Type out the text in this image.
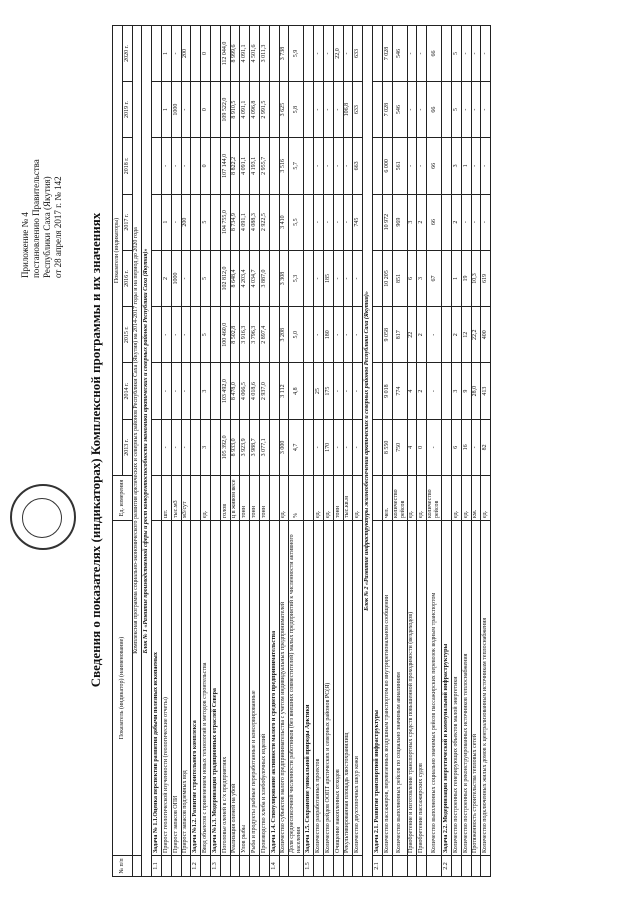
Приложение № 4 постановлению Правительства Республики Саха (Якутия) от 28 апреля 2017 г. № 142 Сведения о показателях (индикаторах) Комплексной программы и их значениях
№ п/п	Показатель (индикатор) (наименование)	Ед. измерения	Показатели (индикаторы)							
			2013 г.	2014 г.	2015 г.	2016 г.	2017 г.	2018 г.	2019 г.	2020 г.
	Комплексная программа социально-экономического развития арктических и северных районов Республики Саха (Якутия) на 2014-2017 годы и на период до 2020 года									
Блок № 1 «Развитие производственной сферы и рост конкурентоспособности экономики арктических и северных районов Республики Саха (Якутия)»										
1.1	Задача № 1.1.Оценка перспектив развития добычи полезных ископаемых									
	Прирост геологической изученности (геологические отчеты)	шт.	-	-	-	2	1	-	1	1
	Прирост запасов ОПИ	тыс.м3	-	-	-	1000	-	-	1000	-
	Прирост запасов подземных вод	м3/сут	-	-	-	-	200	-	-	200
1.2	Задача №1.2. Развитие строительного комплекса									
	Ввод объектов с применением новых технологий и методов строительства	ед.	3	3	5	5	5	0	0	0
1.3	Задача №1.3. Модернизация традиционных отраслей Севера									
	Поголовье оленей в с/х предприятиях	голов	105 392,0	103 492,0	100 460,0	102 812,0	104 755,0	107 144,0	109 522,0	112 044,0
	Реализация оленей на убой	ц в живом весе	8 933,0	8 478,0	8 502,8	8 648,4	8 734,9	8 822,2	8 910,5	8 999,6
	Улов рыбы	тонн	3 923,9	4 066,5	3 916,3	4 203,4	4 091,1	4 091,1	4 091,1	4 091,1
	Рыба и продукты рыбные переработанные и консервированные	тонн	3 988,7	4 018,6	3 796,3	4 034,7	4 088,3	4 193,1	4 096,8	4 501,6
	Производство хлеба и хлебобулочных изделий	тонн	3 077,1	2 937,0	2 897,4	3 887,0	2 922,5	2 955,7	2 991,5	3 011,3
1.4	Задача 1.4. Стимулирование активности малого и среднего предпринимательства									
	Количество субъектов малого предпринимательства с учетом индивидуальных предпринимателей	ед.	3 000	3 112	3 208	3 308	3 410	3 516	3 625	3 738
	Доля среднесписочной численности работников (без внешних совместителей) малых предприятий к численности активного населения	%	4,7	4,8	5,0	5,3	5,5	5,7	5,8	5,9
1.5	Задача 1.5. Сохранение уникальной природы Арктики									
	Количество разработанных проектов	ед.	-	25	-	-	-	-	-	-
	Количество рейдов ООПТ арктических и северных районов РС(Я)	ед.	170	175	180	185	-	-	-	-
	Очищение накопленных отходов	тонн	-	-	-	-	-	-	-	22,0
	Рекультивированная площадь хвостохранилищ	тыс.кв.м	-	-	-	-	-	-	106,8	-
	Количество двухтопочных шкур кожи	ед.	-	-	-	-	745	663	633	633
Блок № 2 «Развитие инфраструктуры жизнеобеспечения арктических и северных районов Республики Саха (Якутия)»										
2.1	Задача 2.1. Развитие транспортной инфраструктуры									
	Количество пассажиров, перевезенных воздушным транспортом во внутрирегиональном сообщении	чел.	8 550	9 018	9 058	10 205	10 972	6 000	7 028	7 028
	Количество выполненных рейсов по социально значимым авиалиниям	количество рейсов	750	774	817	851	969	561	546	546
	Приобретение и изготовление транспортных средств повышенной проходимости (вездеходов)	ед.	4	4	22	6	3	-	-	-
	Приобретение пассажирских судов	ед.	0	2	2	3	2	-	-	-
	Количество выполненных социально значимых рейсов пассажирских перевозок водным транспортом	количество рейсов	-	-	-	67	66	66	66	66
2.2	Задача 2.2. Модернизация энергетической и коммунальной инфраструктуры									
	Количество построенных генерирующих объектов малой энергетики	ед.	6	3	2	1	2	3	5	5
	Количество построенных и реконструированных источников теплоснабжения	ед.	16	9	12	19	-	1	-	-
	Протяженность строительства тепловых сетей	км.	-	28,0	22,2	10,3	-	-	-	-
	Количество подключенных жилых домов к централизованным источникам теплоснабжения	ед.	82	413	400	619	-	-	-	-
